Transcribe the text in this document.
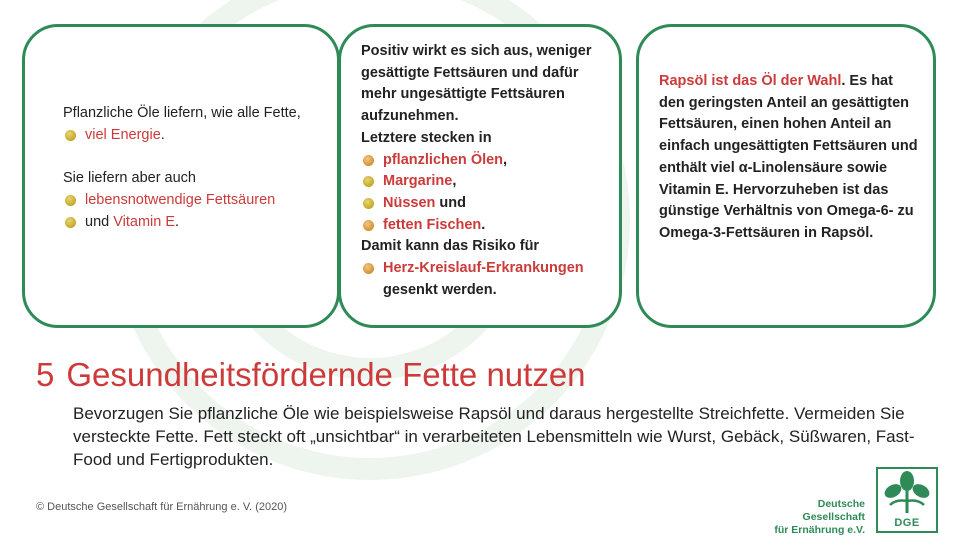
Pflanzliche Öle liefern, wie alle Fette,

viel Energie.

Sie liefern aber auch

lebensnotwendige Fettsäuren

und Vitamin E.

Positiv wirkt es sich aus, weniger gesättigte Fettsäuren und dafür mehr ungesättigte Fettsäuren aufzunehmen.

Letztere stecken in

pflanzlichen Ölen,

Margarine,

Nüssen und

fetten Fischen.

Damit kann das Risiko für

Herz-Kreislauf-Erkrankungen

gesenkt werden.

Rapsöl ist das Öl der Wahl. Es hat den geringsten Anteil an gesättigten Fettsäuren, einen hohen Anteil an einfach ungesättigten Fettsäuren und enthält viel α-Linolensäure sowie Vitamin E. Hervorzuheben ist das günstige Verhältnis von Omega-6- zu Omega-3-Fettsäuren in Rapsöl.

5 Gesundheitsfördernde Fette nutzen

Bevorzugen Sie pflanzliche Öle wie beispielsweise Rapsöl und daraus hergestellte Streichfette. Vermeiden Sie versteckte Fette. Fett steckt oft „unsichtbar“ in verarbeiteten Lebensmitteln wie Wurst, Gebäck, Süßwaren, Fast-Food und Fertigprodukten.

© Deutsche Gesellschaft für Ernährung e. V. (2020)	Deutsche Gesellschaft
für Ernährung e.V.
DGE
